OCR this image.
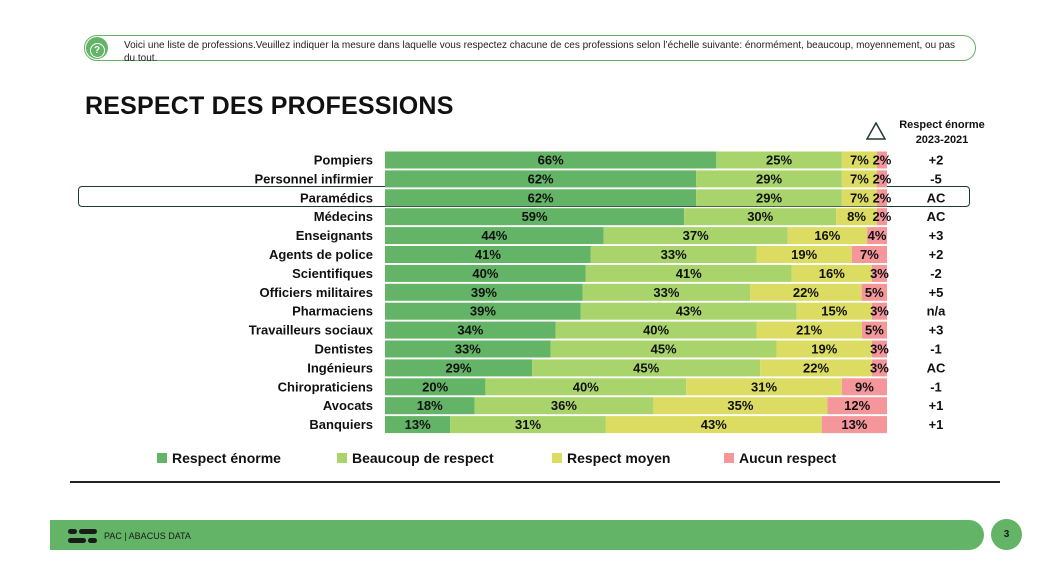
?	Voici une liste de professions.Veuillez indiquer la mesure dans laquelle vous respectez chacune de ces professions selon l’échelle suivante: énormément, beaucoup, moyennement, ou pas du tout.
RESPECT DES PROFESSIONS
Respect énorme
2023-2021
Pompiers	66%	25%	7% 2%	+2
Personnel infirmier	62%	29%	7% 2%	-5
Paramédics	62%	29%	7% 2%	AC
Médecins	59%	30%	8% 2%	AC
Enseignants	44%	37%	16% 4%	+3
Agents de police	41%	33%	19%	7%	+2
Scientifiques	40%	41%	16% 3%	-2
Officiers militaires	39%	33%	22%	5%	+5
Pharmaciens	39%	43%	15% 3%	n/a
Travailleurs sociaux	34%	40%	21%	5%	+3
Dentistes	33%	45%	19%	3%	-1
Ingénieurs	29%	45%	22%	3%	AC
Chiropraticiens	20%	40%	31%	9%	-1
Avocats	18%	36%	35%	12%	+1
Banquiers 13%	31%	43%	13%	+1
Respect énorme	Beaucoup de respect	Respect moyen	Aucun respect
PAC | ABACUS DATA	3
